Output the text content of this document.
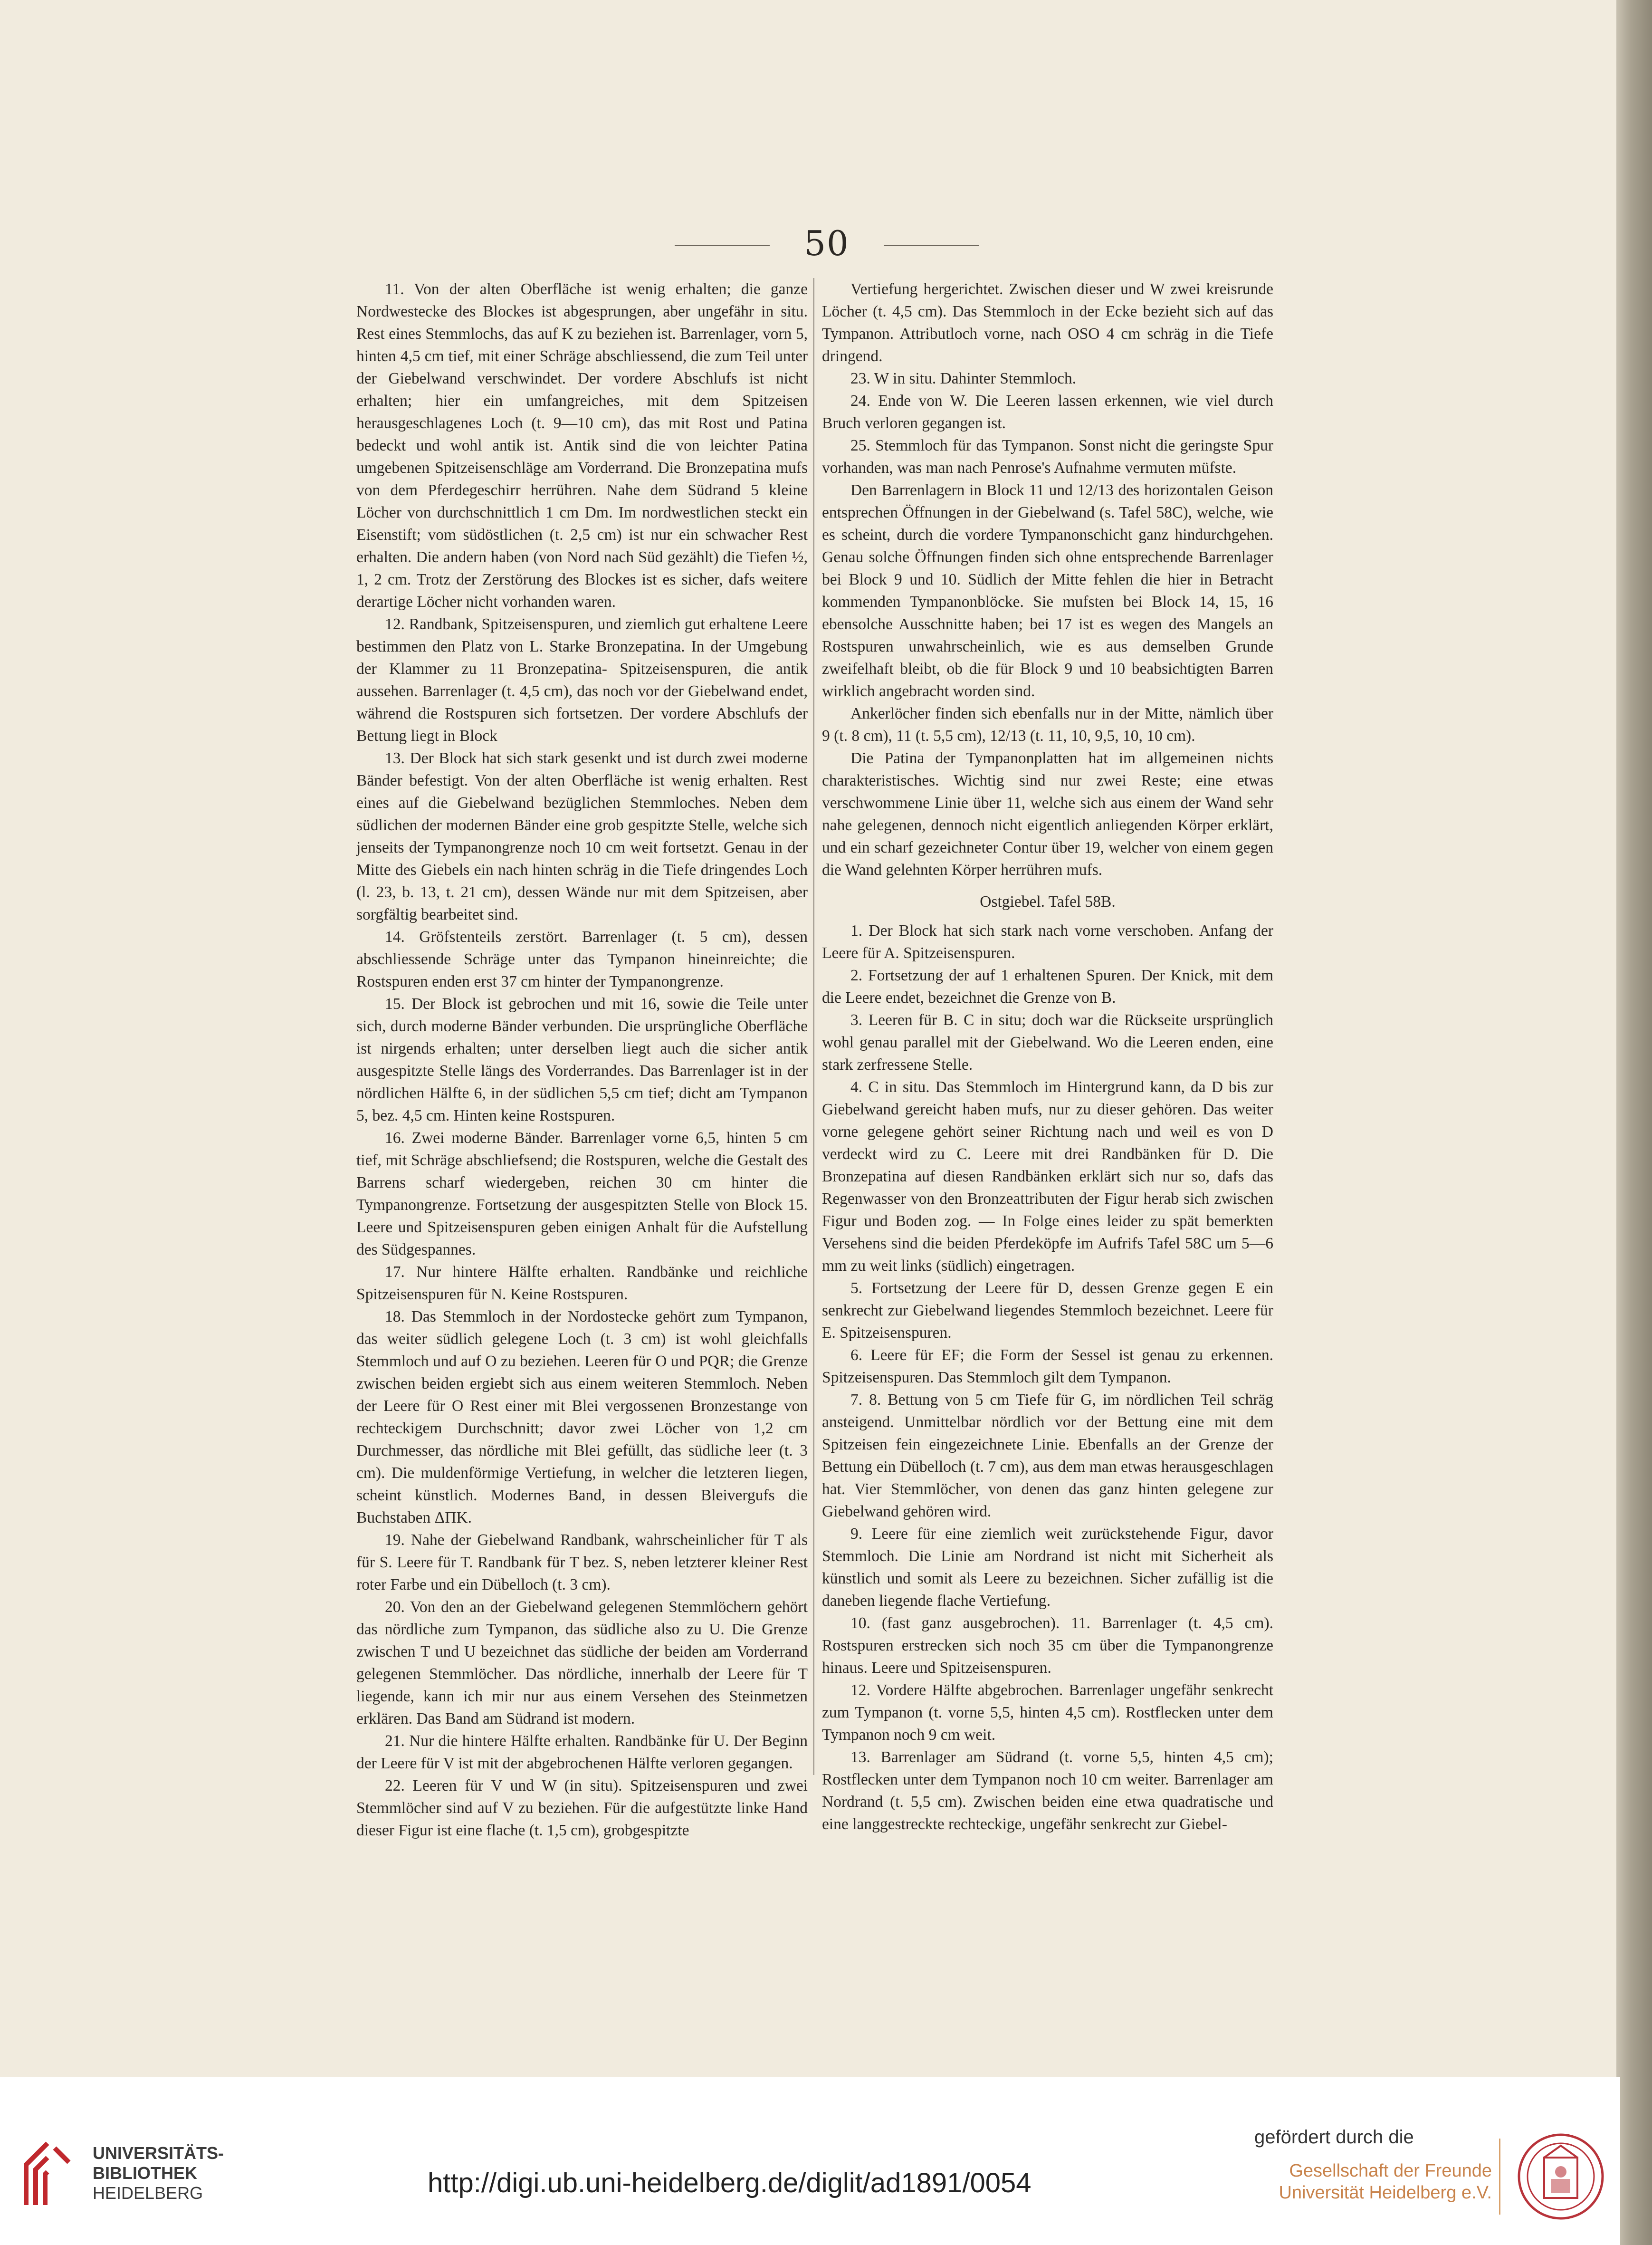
50

11. Von der alten Oberfläche ist wenig erhalten; die ganze Nordwestecke des Blockes ist abgesprungen, aber ungefähr in situ. Rest eines Stemmlochs, das auf K zu beziehen ist. Barrenlager, vorn 5, hinten 4,5 cm tief, mit einer Schräge abschliessend, die zum Teil unter der Giebelwand verschwindet. Der vordere Abschlufs ist nicht erhalten; hier ein umfangreiches, mit dem Spitzeisen herausgeschlagenes Loch (t. 9—10 cm), das mit Rost und Patina bedeckt und wohl antik ist. Antik sind die von leichter Patina umgebenen Spitzeisenschläge am Vorderrand. Die Bronzepatina mufs von dem Pferdegeschirr herrühren. Nahe dem Südrand 5 kleine Löcher von durchschnittlich 1 cm Dm. Im nordwestlichen steckt ein Eisenstift; vom südöstlichen (t. 2,5 cm) ist nur ein schwacher Rest erhalten. Die andern haben (von Nord nach Süd gezählt) die Tiefen ½, 1, 2 cm. Trotz der Zerstörung des Blockes ist es sicher, dafs weitere derartige Löcher nicht vorhanden waren.

12. Randbank, Spitzeisenspuren, und ziemlich gut erhaltene Leere bestimmen den Platz von L. Starke Bronzepatina. In der Umgebung der Klammer zu 11 Bronzepatina- Spitzeisenspuren, die antik aussehen. Barrenlager (t. 4,5 cm), das noch vor der Giebelwand endet, während die Rostspuren sich fortsetzen. Der vordere Abschlufs der Bettung liegt in Block

13. Der Block hat sich stark gesenkt und ist durch zwei moderne Bänder befestigt. Von der alten Oberfläche ist wenig erhalten. Rest eines auf die Giebelwand bezüglichen Stemmloches. Neben dem südlichen der modernen Bänder eine grob gespitzte Stelle, welche sich jenseits der Tympanongrenze noch 10 cm weit fortsetzt. Genau in der Mitte des Giebels ein nach hinten schräg in die Tiefe dringendes Loch (l. 23, b. 13, t. 21 cm), dessen Wände nur mit dem Spitzeisen, aber sorgfältig bearbeitet sind.

14. Gröfstenteils zerstört. Barrenlager (t. 5 cm), dessen abschliessende Schräge unter das Tympanon hineinreichte; die Rostspuren enden erst 37 cm hinter der Tympanongrenze.

15. Der Block ist gebrochen und mit 16, sowie die Teile unter sich, durch moderne Bänder verbunden. Die ursprüngliche Oberfläche ist nirgends erhalten; unter derselben liegt auch die sicher antik ausgespitzte Stelle längs des Vorderrandes. Das Barrenlager ist in der nördlichen Hälfte 6, in der südlichen 5,5 cm tief; dicht am Tympanon 5, bez. 4,5 cm. Hinten keine Rostspuren.

16. Zwei moderne Bänder. Barrenlager vorne 6,5, hinten 5 cm tief, mit Schräge abschliefsend; die Rostspuren, welche die Gestalt des Barrens scharf wiedergeben, reichen 30 cm hinter die Tympanongrenze. Fortsetzung der ausgespitzten Stelle von Block 15. Leere und Spitzeisenspuren geben einigen Anhalt für die Aufstellung des Südgespannes.

17. Nur hintere Hälfte erhalten. Randbänke und reichliche Spitzeisenspuren für N. Keine Rostspuren.

18. Das Stemmloch in der Nordostecke gehört zum Tympanon, das weiter südlich gelegene Loch (t. 3 cm) ist wohl gleichfalls Stemmloch und auf O zu beziehen. Leeren für O und PQR; die Grenze zwischen beiden ergiebt sich aus einem weiteren Stemmloch. Neben der Leere für O Rest einer mit Blei vergossenen Bronzestange von rechteckigem Durchschnitt; davor zwei Löcher von 1,2 cm Durchmesser, das nördliche mit Blei gefüllt, das südliche leer (t. 3 cm). Die muldenförmige Vertiefung, in welcher die letzteren liegen, scheint künstlich. Modernes Band, in dessen Bleivergufs die Buchstaben ΔΠΚ.

19. Nahe der Giebelwand Randbank, wahrscheinlicher für T als für S. Leere für T. Randbank für T bez. S, neben letzterer kleiner Rest roter Farbe und ein Dübelloch (t. 3 cm).

20. Von den an der Giebelwand gelegenen Stemmlöchern gehört das nördliche zum Tympanon, das südliche also zu U. Die Grenze zwischen T und U bezeichnet das südliche der beiden am Vorderrand gelegenen Stemmlöcher. Das nördliche, innerhalb der Leere für T liegende, kann ich mir nur aus einem Versehen des Steinmetzen erklären. Das Band am Südrand ist modern.

21. Nur die hintere Hälfte erhalten. Randbänke für U. Der Beginn der Leere für V ist mit der abgebrochenen Hälfte verloren gegangen.

22. Leeren für V und W (in situ). Spitzeisenspuren und zwei Stemmlöcher sind auf V zu beziehen. Für die aufgestützte linke Hand dieser Figur ist eine flache (t. 1,5 cm), grobgespitzte

Vertiefung hergerichtet. Zwischen dieser und W zwei kreisrunde Löcher (t. 4,5 cm). Das Stemmloch in der Ecke bezieht sich auf das Tympanon. Attributloch vorne, nach OSO 4 cm schräg in die Tiefe dringend.

23. W in situ. Dahinter Stemmloch.

24. Ende von W. Die Leeren lassen erkennen, wie viel durch Bruch verloren gegangen ist.

25. Stemmloch für das Tympanon. Sonst nicht die geringste Spur vorhanden, was man nach Penrose's Aufnahme vermuten müfste.

Den Barrenlagern in Block 11 und 12/13 des horizontalen Geison entsprechen Öffnungen in der Giebelwand (s. Tafel 58C), welche, wie es scheint, durch die vordere Tympanonschicht ganz hindurchgehen. Genau solche Öffnungen finden sich ohne entsprechende Barrenlager bei Block 9 und 10. Südlich der Mitte fehlen die hier in Betracht kommenden Tympanonblöcke. Sie mufsten bei Block 14, 15, 16 ebensolche Ausschnitte haben; bei 17 ist es wegen des Mangels an Rostspuren unwahrscheinlich, wie es aus demselben Grunde zweifelhaft bleibt, ob die für Block 9 und 10 beabsichtigten Barren wirklich angebracht worden sind.

Ankerlöcher finden sich ebenfalls nur in der Mitte, nämlich über 9 (t. 8 cm), 11 (t. 5,5 cm), 12/13 (t. 11, 10, 9,5, 10, 10 cm).

Die Patina der Tympanonplatten hat im allgemeinen nichts charakteristisches. Wichtig sind nur zwei Reste; eine etwas verschwommene Linie über 11, welche sich aus einem der Wand sehr nahe gelegenen, dennoch nicht eigentlich anliegenden Körper erklärt, und ein scharf gezeichneter Contur über 19, welcher von einem gegen die Wand gelehnten Körper herrühren mufs.

Ostgiebel. Tafel 58B.

1. Der Block hat sich stark nach vorne verschoben. Anfang der Leere für A. Spitzeisenspuren.

2. Fortsetzung der auf 1 erhaltenen Spuren. Der Knick, mit dem die Leere endet, bezeichnet die Grenze von B.

3. Leeren für B. C in situ; doch war die Rückseite ursprünglich wohl genau parallel mit der Giebelwand. Wo die Leeren enden, eine stark zerfressene Stelle.

4. C in situ. Das Stemmloch im Hintergrund kann, da D bis zur Giebelwand gereicht haben mufs, nur zu dieser gehören. Das weiter vorne gelegene gehört seiner Richtung nach und weil es von D verdeckt wird zu C. Leere mit drei Randbänken für D. Die Bronzepatina auf diesen Randbänken erklärt sich nur so, dafs das Regenwasser von den Bronzeattributen der Figur herab sich zwischen Figur und Boden zog. — In Folge eines leider zu spät bemerkten Versehens sind die beiden Pferdeköpfe im Aufrifs Tafel 58C um 5—6 mm zu weit links (südlich) eingetragen.

5. Fortsetzung der Leere für D, dessen Grenze gegen E ein senkrecht zur Giebelwand liegendes Stemmloch bezeichnet. Leere für E. Spitzeisenspuren.

6. Leere für EF; die Form der Sessel ist genau zu erkennen. Spitzeisenspuren. Das Stemmloch gilt dem Tympanon.

7. 8. Bettung von 5 cm Tiefe für G, im nördlichen Teil schräg ansteigend. Unmittelbar nördlich vor der Bettung eine mit dem Spitzeisen fein eingezeichnete Linie. Ebenfalls an der Grenze der Bettung ein Dübelloch (t. 7 cm), aus dem man etwas herausgeschlagen hat. Vier Stemmlöcher, von denen das ganz hinten gelegene zur Giebelwand gehören wird.

9. Leere für eine ziemlich weit zurückstehende Figur, davor Stemmloch. Die Linie am Nordrand ist nicht mit Sicherheit als künstlich und somit als Leere zu bezeichnen. Sicher zufällig ist die daneben liegende flache Vertiefung.

10. (fast ganz ausgebrochen). 11. Barrenlager (t. 4,5 cm). Rostspuren erstrecken sich noch 35 cm über die Tympanongrenze hinaus. Leere und Spitzeisenspuren.

12. Vordere Hälfte abgebrochen. Barrenlager ungefähr senkrecht zum Tympanon (t. vorne 5,5, hinten 4,5 cm). Rostflecken unter dem Tympanon noch 9 cm weit.

13. Barrenlager am Südrand (t. vorne 5,5, hinten 4,5 cm); Rostflecken unter dem Tympanon noch 10 cm weiter. Barrenlager am Nordrand (t. 5,5 cm). Zwischen beiden eine etwa quadratische und eine langgestreckte rechteckige, ungefähr senkrecht zur Giebel-

UNIVERSITÄTS-
BIBLIOTHEK
HEIDELBERG	http://digi.ub.uni-heidelberg.de/diglit/ad1891/0054
gefördert durch die
Gesellschaft der Freunde
Universität Heidelberg e.V.
